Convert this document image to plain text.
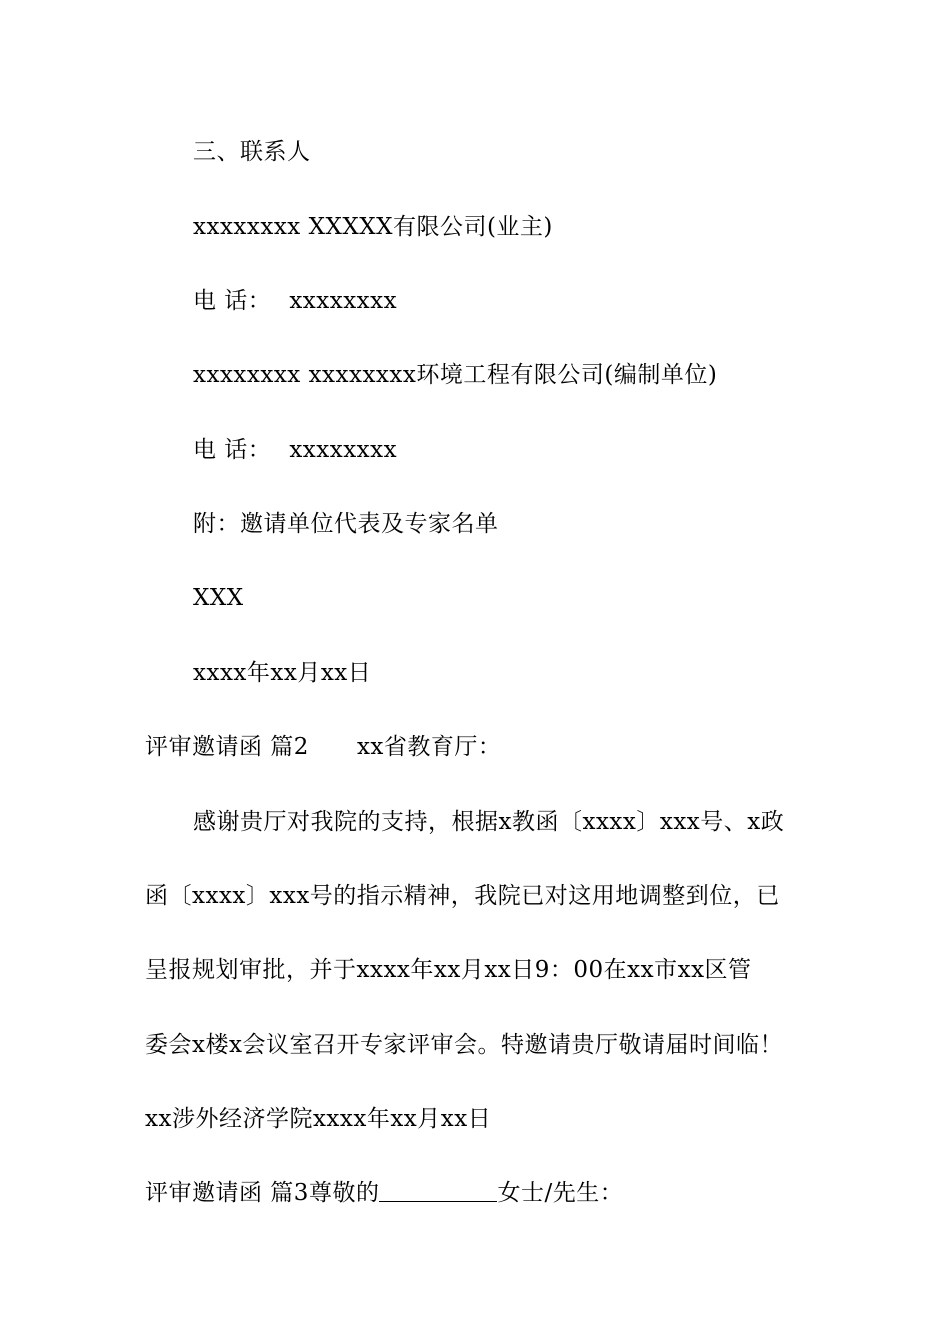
三、联系人
xxxxxxxx XXXXX有限公司(业主)
电 话： xxxxxxxx
xxxxxxxx xxxxxxxx环境工程有限公司(编制单位)
电 话： xxxxxxxx
附：邀请单位代表及专家名单
XXX
xxxx年xx月xx日
评审邀请函 篇2 xx省教育厅：
感谢贵厅对我院的支持，根据x教函〔xxxx〕xxx号、x政
函〔xxxx〕xxx号的指示精神，我院已对这用地调整到位，已
呈报规划审批，并于xxxx年xx月xx日9：00在xx市xx区管
委会x楼x会议室召开专家评审会。特邀请贵厅敬请届时间临！
xx涉外经济学院xxxx年xx月xx日
评审邀请函 篇3尊敬的	女士/先生：
